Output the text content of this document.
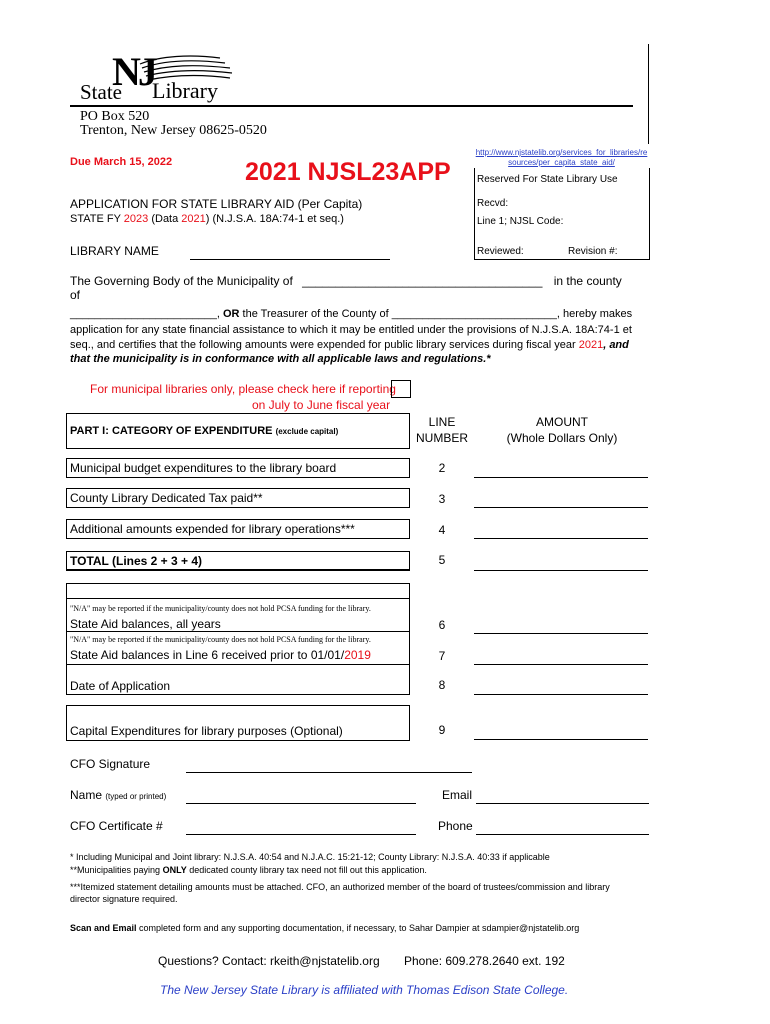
NJ
State Library
PO Box 520
Trenton, New Jersey 08625-0520
Due March 15, 2022	2021 NJSL23APP
http://www.njstatelib.org/services_for_libraries/resources/per_capita_state_aid/
Reserved For State Library Use
Recvd:
Line 1; NJSL Code:
Reviewed:	Revision #:
APPLICATION FOR STATE LIBRARY AID (Per Capita)
STATE FY 2023 (Data 2021) (N.J.S.A. 18A:74-1 et seq.)
LIBRARY NAME
The Governing Body of the Municipality of ____________________________________ in the county of
________________________, OR the Treasurer of the County of ___________________________, hereby makes
application for any state financial assistance to which it may be entitled under the provisions of N.J.S.A. 18A:74-1 et
seq., and certifies that the following amounts were expended for public library services during fiscal year 2021, and
that the municipality is in conformance with all applicable laws and regulations.*
For municipal libraries only, please check here if reporting
on July to June fiscal year
PART I: CATEGORY OF EXPENDITURE (exclude capital)
LINE
NUMBER
AMOUNT
(Whole Dollars Only)
Municipal budget expenditures to the library board	2
County Library Dedicated Tax paid**	3
Additional amounts expended for library operations***	4
TOTAL (Lines 2 + 3 + 4)	5
"N/A" may be reported if the municipality/county does not hold PCSA funding for the library.
State Aid balances, all years	6
"N/A" may be reported if the municipality/county does not hold PCSA funding for the library.
State Aid balances in Line 6 received prior to 01/01/2019	7
Date of Application	8
Capital Expenditures for library purposes (Optional)	9
CFO Signature
Name (typed or printed)	Email
CFO Certificate #	Phone
* Including Municipal and Joint library: N.J.S.A. 40:54 and N.J.A.C. 15:21-12; County Library: N.J.S.A. 40:33 if applicable
**Municipalities paying ONLY dedicated county library tax need not fill out this application.
***Itemized statement detailing amounts must be attached. CFO, an authorized member of the board of trustees/commission and library director signature required.
Scan and Email completed form and any supporting documentation, if necessary, to Sahar Dampier at sdampier@njstatelib.org
Questions? Contact: rkeith@njstatelib.org Phone: 609.278.2640 ext. 192
The New Jersey State Library is affiliated with Thomas Edison State College.
